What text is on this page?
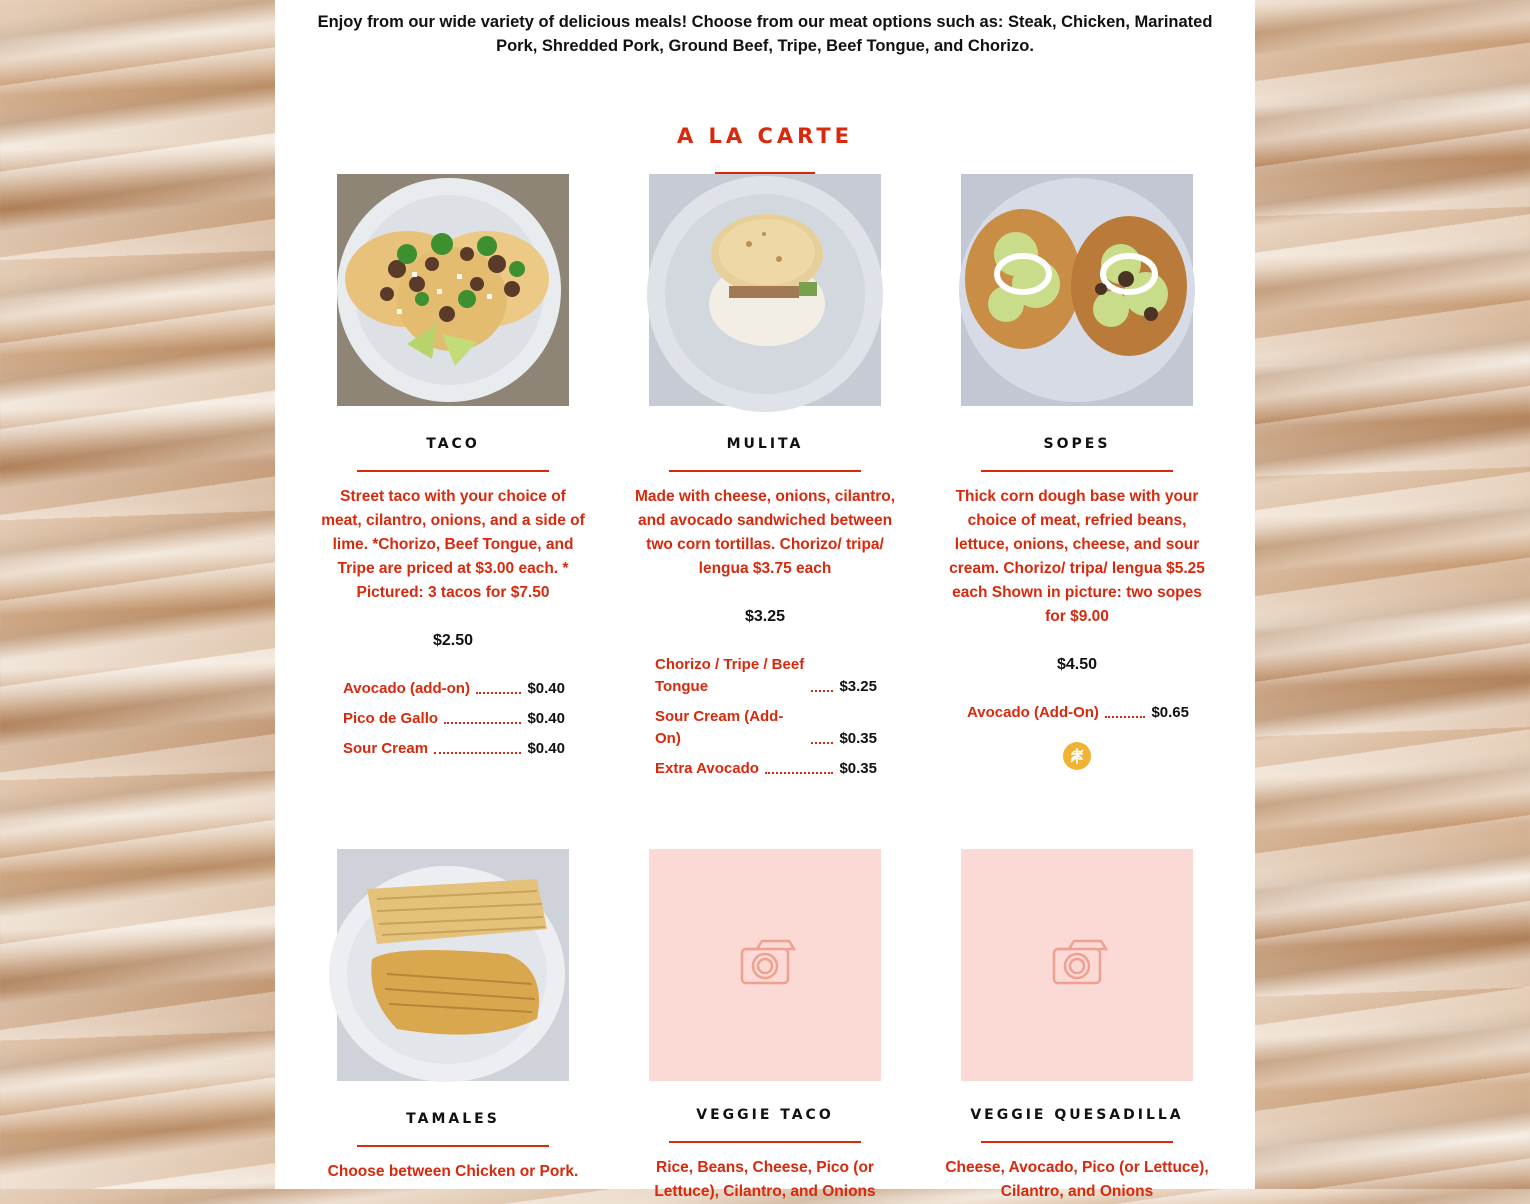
Enjoy from our wide variety of delicious meals! Choose from our meat options such as: Steak, Chicken, Marinated Pork, Shredded Pork, Ground Beef, Tripe, Beef Tongue, and Chorizo.
A LA CARTE
TACO
Street taco with your choice of meat, cilantro, onions, and a side of lime. *Chorizo, Beef Tongue, and Tripe are priced at $3.00 each. * Pictured: 3 tacos for $7.50
$2.50
Avocado (add-on)	$0.40
Pico de Gallo	$0.40
Sour Cream	$0.40
MULITA
Made with cheese, onions, cilantro, and avocado sandwiched between two corn tortillas. Chorizo/ tripa/ lengua $3.75 each
$3.25
Chorizo / Tripe / Beef Tongue	$3.25
Sour Cream (Add-On)	$0.35
Extra Avocado	$0.35
SOPES
Thick corn dough base with your choice of meat, refried beans, lettuce, onions, cheese, and sour cream. Chorizo/ tripa/ lengua $5.25 each Shown in picture: two sopes for $9.00
$4.50
Avocado (Add-On)	$0.65
TAMALES
Choose between Chicken or Pork.
VEGGIE TACO
Rice, Beans, Cheese, Pico (or Lettuce), Cilantro, and Onions
VEGGIE QUESADILLA
Cheese, Avocado, Pico (or Lettuce), Cilantro, and Onions
